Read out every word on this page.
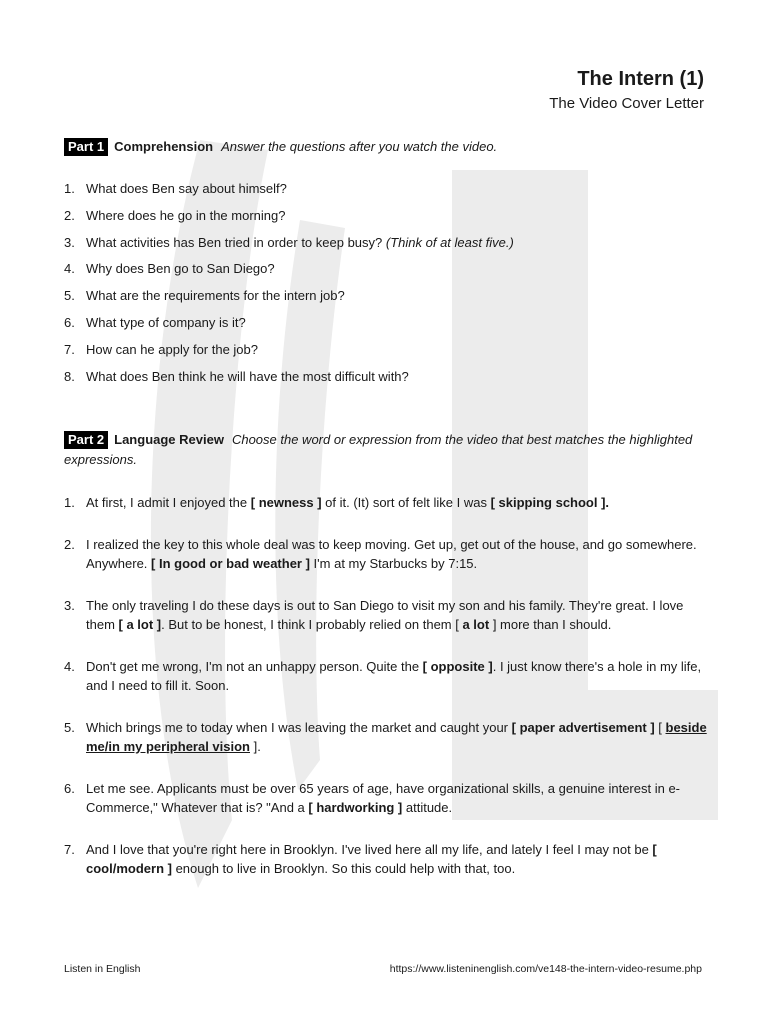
The Intern (1)
The Video Cover Letter
Part 1 Comprehension Answer the questions after you watch the video.
1. What does Ben say about himself?
2. Where does he go in the morning?
3. What activities has Ben tried in order to keep busy? (Think of at least five.)
4. Why does Ben go to San Diego?
5. What are the requirements for the intern job?
6. What type of company is it?
7. How can he apply for the job?
8. What does Ben think he will have the most difficult with?
Part 2 Language Review Choose the word or expression from the video that best matches the highlighted expressions.
1. At first, I admit I enjoyed the [ newness ] of it. (It) sort of felt like I was [ skipping school ].
2. I realized the key to this whole deal was to keep moving. Get up, get out of the house, and go somewhere. Anywhere. [ In good or bad weather ] I'm at my Starbucks by 7:15.
3. The only traveling I do these days is out to San Diego to visit my son and his family. They're great. I love them [ a lot ]. But to be honest, I think I probably relied on them [ a lot ] more than I should.
4. Don't get me wrong, I'm not an unhappy person. Quite the [ opposite ]. I just know there's a hole in my life, and I need to fill it. Soon.
5. Which brings me to today when I was leaving the market and caught your [ paper advertisement ] [ beside me/in my peripheral vision ].
6. Let me see. Applicants must be over 65 years of age, have organizational skills, a genuine interest in e-Commerce," Whatever that is? "And a [ hardworking ] attitude.
7. And I love that you're right here in Brooklyn. I've lived here all my life, and lately I feel I may not be [ cool/modern ] enough to live in Brooklyn. So this could help with that, too.
Listen in English	https://www.listeninenglish.com/ve148-the-intern-video-resume.php
